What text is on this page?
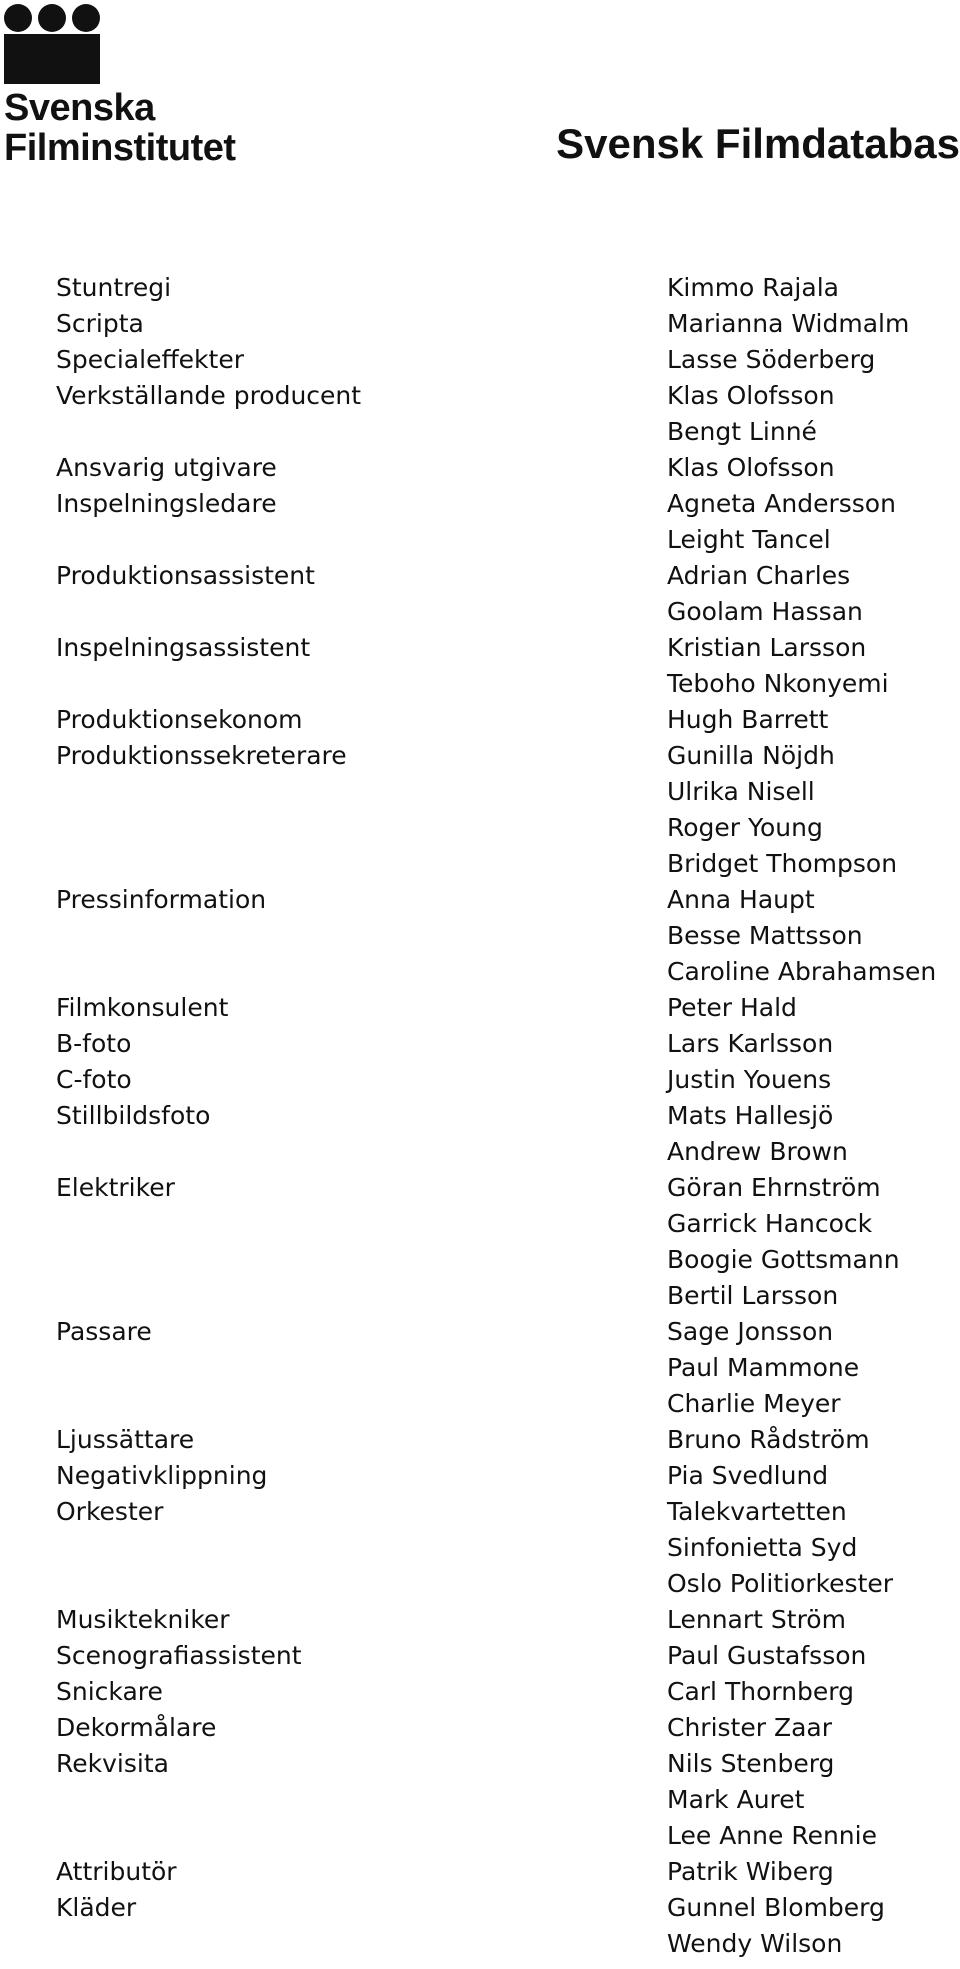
Svenska
Filminstitutet	Svensk Filmdatabas
Stuntregi	Kimmo Rajala
Scripta	Marianna Widmalm
Specialeffekter	Lasse Söderberg
Verkställande producent	Klas Olofsson
Bengt Linné
Ansvarig utgivare	Klas Olofsson
Inspelningsledare	Agneta Andersson
Leight Tancel
Produktionsassistent	Adrian Charles
Goolam Hassan
Inspelningsassistent	Kristian Larsson
Teboho Nkonyemi
Produktionsekonom	Hugh Barrett
Produktionssekreterare	Gunilla Nöjdh
Ulrika Nisell
Roger Young
Bridget Thompson
Pressinformation	Anna Haupt
Besse Mattsson
Caroline Abrahamsen
Filmkonsulent	Peter Hald
B-foto	Lars Karlsson
C-foto	Justin Youens
Stillbildsfoto	Mats Hallesjö
Andrew Brown
Elektriker	Göran Ehrnström
Garrick Hancock
Boogie Gottsmann
Bertil Larsson
Passare	Sage Jonsson
Paul Mammone
Charlie Meyer
Ljussättare	Bruno Rådström
Negativklippning	Pia Svedlund
Orkester	Talekvartetten
Sinfonietta Syd
Oslo Politiorkester
Musiktekniker	Lennart Ström
Scenografiassistent	Paul Gustafsson
Snickare	Carl Thornberg
Dekormålare	Christer Zaar
Rekvisita	Nils Stenberg
Mark Auret
Lee Anne Rennie
Attributör	Patrik Wiberg
Kläder	Gunnel Blomberg
Wendy Wilson
